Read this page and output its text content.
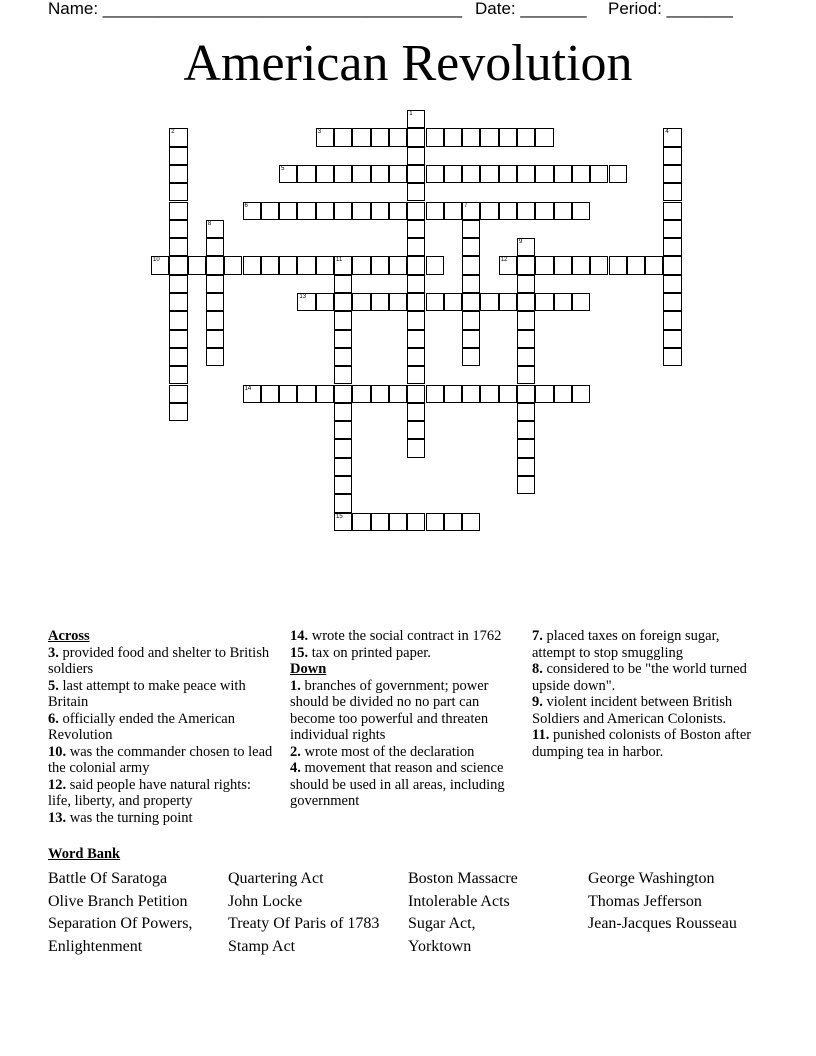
Name: ______________________________________

Date: _______

Period: _______

American Revolution
1
2	3	4
5
6	7
8
9
10	11
15
12
13
14
Across
3. provided food and shelter to British soldiers
5. last attempt to make peace with Britain
6. officially ended the American Revolution
10. was the commander chosen to lead the colonial army
12. said people have natural rights: life, liberty, and property
13. was the turning point
14. wrote the social contract in 1762
15. tax on printed paper.
Down
1. branches of government; power should be divided no no part can become too powerful and threaten individual rights
2. wrote most of the declaration
4. movement that reason and science should be used in all areas, including government
7. placed taxes on foreign sugar, attempt to stop smuggling
8. considered to be "the world turned upside down".
9. violent incident between British Soldiers and American Colonists.
11. punished colonists of Boston after dumping tea in harbor.
Word Bank
Battle Of Saratoga
Olive Branch Petition
Separation Of Powers,
Enlightenment
Quartering Act
John Locke
Treaty Of Paris of 1783
Stamp Act
Boston Massacre
Intolerable Acts
Sugar Act,
Yorktown
George Washington
Thomas Jefferson
Jean-Jacques Rousseau
